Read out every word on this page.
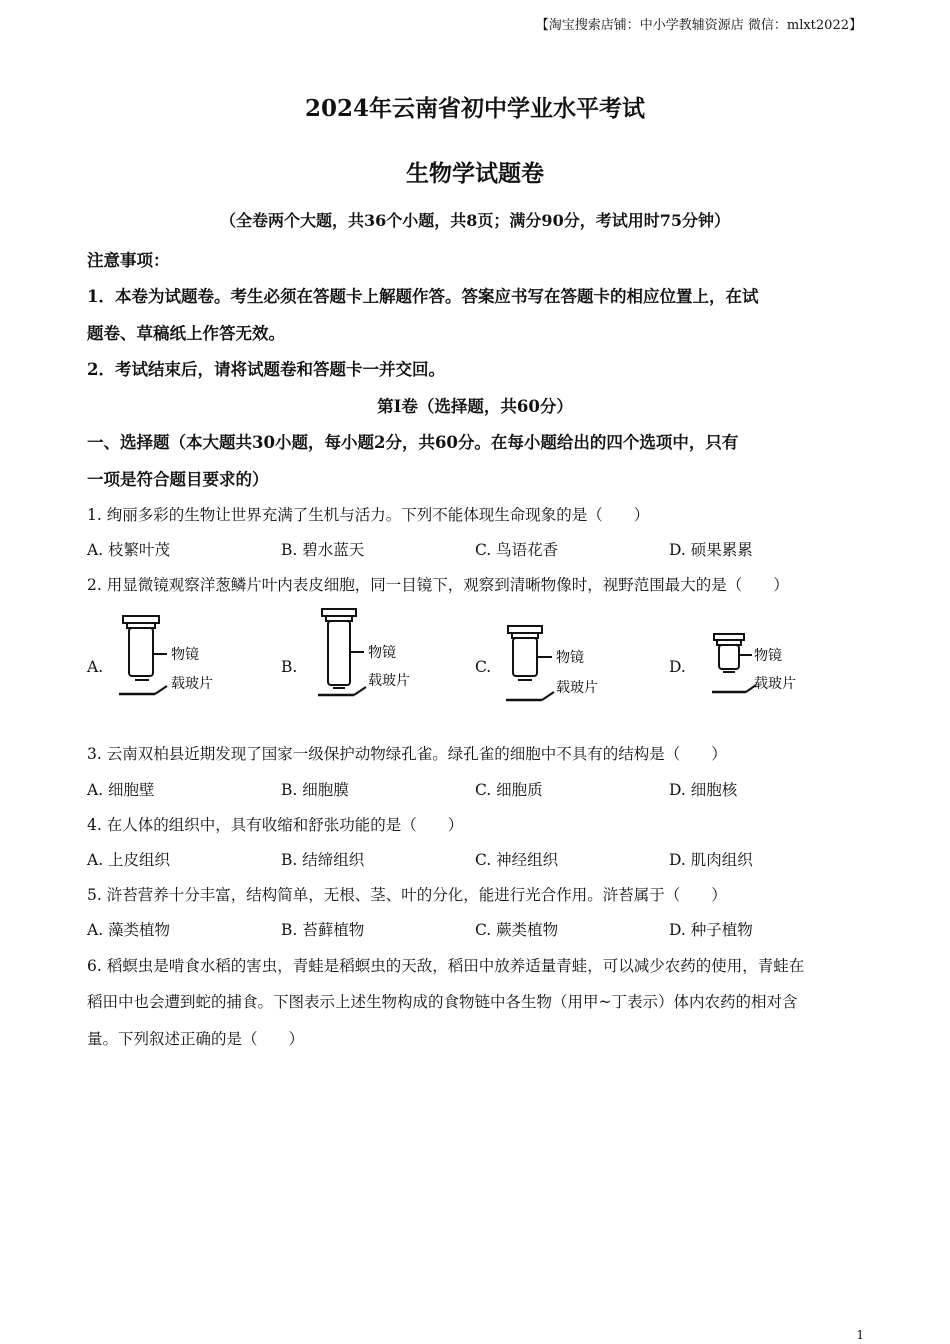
【淘宝搜索店铺：中小学教辅资源店 微信：mlxt2022】
2024年云南省初中学业水平考试
生物学试题卷
（全卷两个大题，共36个小题，共8页；满分90分，考试用时75分钟）
注意事项：
1．本卷为试题卷。考生必须在答题卡上解题作答。答案应书写在答题卡的相应位置上，在试
题卷、草稿纸上作答无效。
2．考试结束后，请将试题卷和答题卡一并交回。
第Ⅰ卷（选择题，共60分）
一、选择题（本大题共30小题，每小题2分，共60分。在每小题给出的四个选项中，只有
一项是符合题目要求的）
1. 绚丽多彩的生物让世界充满了生机与活力。下列不能体现生命现象的是（　　）
A. 枝繁叶茂	B. 碧水蓝天	C. 鸟语花香	D. 硕果累累
2. 用显微镜观察洋葱鳞片叶内表皮细胞，同一目镜下，观察到清晰物像时，视野范围最大的是（　　）
A.
物镜
载玻片
B.
物镜
载玻片
C.	物镜
载玻片
D.
物镜
载玻片
3. 云南双柏县近期发现了国家一级保护动物绿孔雀。绿孔雀的细胞中不具有的结构是（　　）
A. 细胞壁	B. 细胞膜	C. 细胞质	D. 细胞核
4. 在人体的组织中，具有收缩和舒张功能的是（　　）
A. 上皮组织	B. 结缔组织	C. 神经组织	D. 肌肉组织
5. 浒苔营养十分丰富，结构简单，无根、茎、叶的分化，能进行光合作用。浒苔属于（　　）
A. 藻类植物	B. 苔藓植物	C. 蕨类植物	D. 种子植物
6. 稻螟虫是啃食水稻的害虫，青蛙是稻螟虫的天敌，稻田中放养适量青蛙，可以减少农药的使用，青蛙在
稻田中也会遭到蛇的捕食。下图表示上述生物构成的食物链中各生物（用甲~丁表示）体内农药的相对含
量。下列叙述正确的是（　　）
1
